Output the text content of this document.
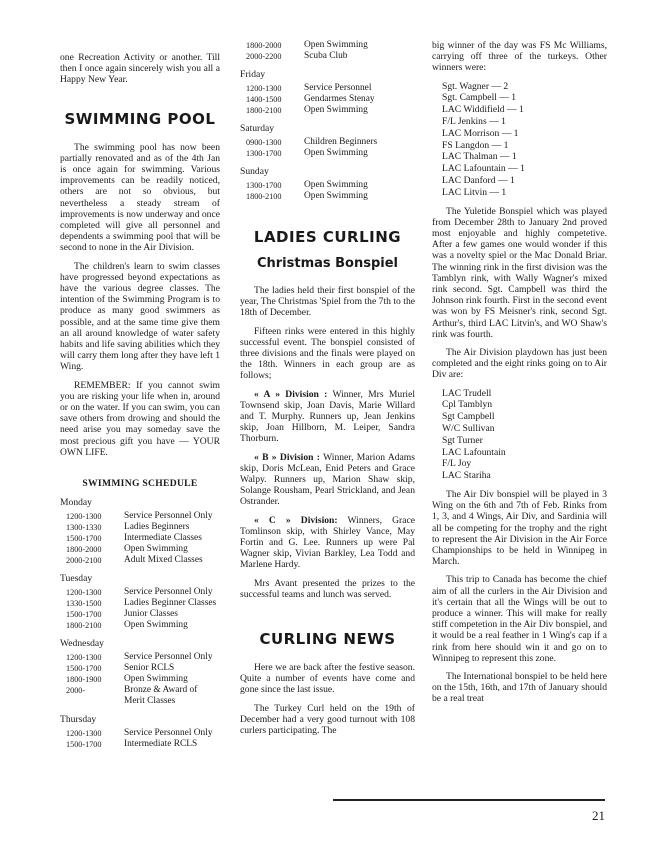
one Recreation Activity or another. Till then I once again sincerely wish you all a Happy New Year.

SWIMMING POOL

The swimming pool has now been partially renovated and as of the 4th Jan is once again for swimming. Various improvements can be readily noticed, others are not so obvious, but nevertheless a steady stream of improvements is now underway and once completed will give all personnel and dependents a swimming pool that will be second to none in the Air Division.

The children's learn to swim classes have progressed beyond expectations as have the various degree classes. The intention of the Swimming Program is to produce as many good swimmers as possible, and at the same time give them an all around knowledge of water safety habits and life saving abilities which they will carry them long after they have left 1 Wing.

REMEMBER: If you cannot swim you are risking your life when in, around or on the water. If you can swim, you can save others from drowing and should the need arise you may someday save the most precious gift you have — YOUR OWN LIFE.

SWIMMING SCHEDULE
Monday
1200-1300	Service Personnel Only
1300-1330	Ladies Beginners
1500-1700	Intermediate Classes
1800-2000	Open Swimming
2000-2100	Adult Mixed Classes
Tuesday
1200-1300	Service Personnel Only
1330-1500	Ladies Beginner Classes
1500-1700	Junior Classes
1800-2100	Open Swimming
Wednesday
1200-1300	Service Personnel Only
1500-1700	Senior RCLS
1800-1900	Open Swimming
2000-	Bronze & Award of Merit Classes
Thursday
1200-1300	Service Personnel Only
1500-1700	Intermediate RCLS
1800-2000	Open Swimming
2000-2200	Scuba Club
Friday
1200-1300	Service Personnel
1400-1500	Gendarmes Stenay
1800-2100	Open Swimming
Saturday
0900-1300	Children Beginners
1300-1700	Open Swimming
Sunday
1300-1700	Open Swimming
1800-2100	Open Swimming
LADIES CURLING
Christmas Bonspiel

The ladies held their first bonspiel of the year, The Christmas 'Spiel from the 7th to the 18th of December.

Fifteen rinks were entered in this highly successful event. The bonspiel consisted of three divisions and the finals were played on the 18th. Winners in each group are as follows;

« A » Division : Winner, Mrs Muriel Townsend skip, Joan Davis, Marie Willard and T. Murphy. Runners up, Jean Jenkins skip, Joan Hillborn, M. Leiper, Sandra Thorburn.

« B » Division : Winner, Marion Adams skip, Doris McLean, Enid Peters and Grace Walpy. Runners up, Marion Shaw skip, Solange Rousham, Pearl Strickland, and Jean Ostrander.

« C » Division: Winners, Grace Tomlinson skip, with Shirley Vance, May Fortin and G. Lee. Runners up were Pal Wagner skip, Vivian Barkley, Lea Todd and Marlene Hardy.

Mrs Avant presented the prizes to the successful teams and lunch was served.

CURLING NEWS

Here we are back after the festive season. Quite a number of events have come and gone since the last issue.

The Turkey Curl held on the 19th of December had a very good turnout with 108 curlers participating. The

big winner of the day was FS Mc Williams, carrying off three of the turkeys. Other winners were:

Sgt. Wagner — 2
Sgt. Campbell — 1
LAC Widdifield — 1
F/L Jenkins — 1
LAC Morrison — 1
FS Langdon — 1
LAC Thalman — 1
LAC Lafountain — 1
LAC Danford — 1
LAC Litvin — 1

The Yuletide Bonspiel which was played from December 28th to January 2nd proved most enjoyable and highly competetive. After a few games one would wonder if this was a novelty spiel or the Mac Donald Briar. The winning rink in the first division was the Tamblyn rink, with Wally Wagner's mixed rink second. Sgt. Campbell was third the Johnson rink fourth. First in the second event was won by FS Meisner's rink, second Sgt. Arthur's, third LAC Litvin's, and WO Shaw's rink was fourth.

The Air Division playdown has just been completed and the eight rinks going on to Air Div are:

LAC Trudell
Cpl Tamblyn
Sgt Campbell
W/C Sullivan
Sgt Turner
LAC Lafountain
F/L Joy
LAC Stariha

The Air Div bonspiel will be played in 3 Wing on the 6th and 7th of Feb. Rinks from 1, 3, and 4 Wings, Air Div, and Sardinia will all be competing for the trophy and the right to represent the Air Division in the Air Force Championships to be held in Winnipeg in March.

This trip to Canada has become the chief aim of all the curlers in the Air Division and it's certain that all the Wings will be out to produce a winner. This will make for really stiff competetion in the Air Div bonspiel, and it would be a real feather in 1 Wing's cap if a rink from here should win it and go on to Winnipeg to represent this zone.

The International bonspiel to be held here on the 15th, 16th, and 17th of January should be a real treat

21
